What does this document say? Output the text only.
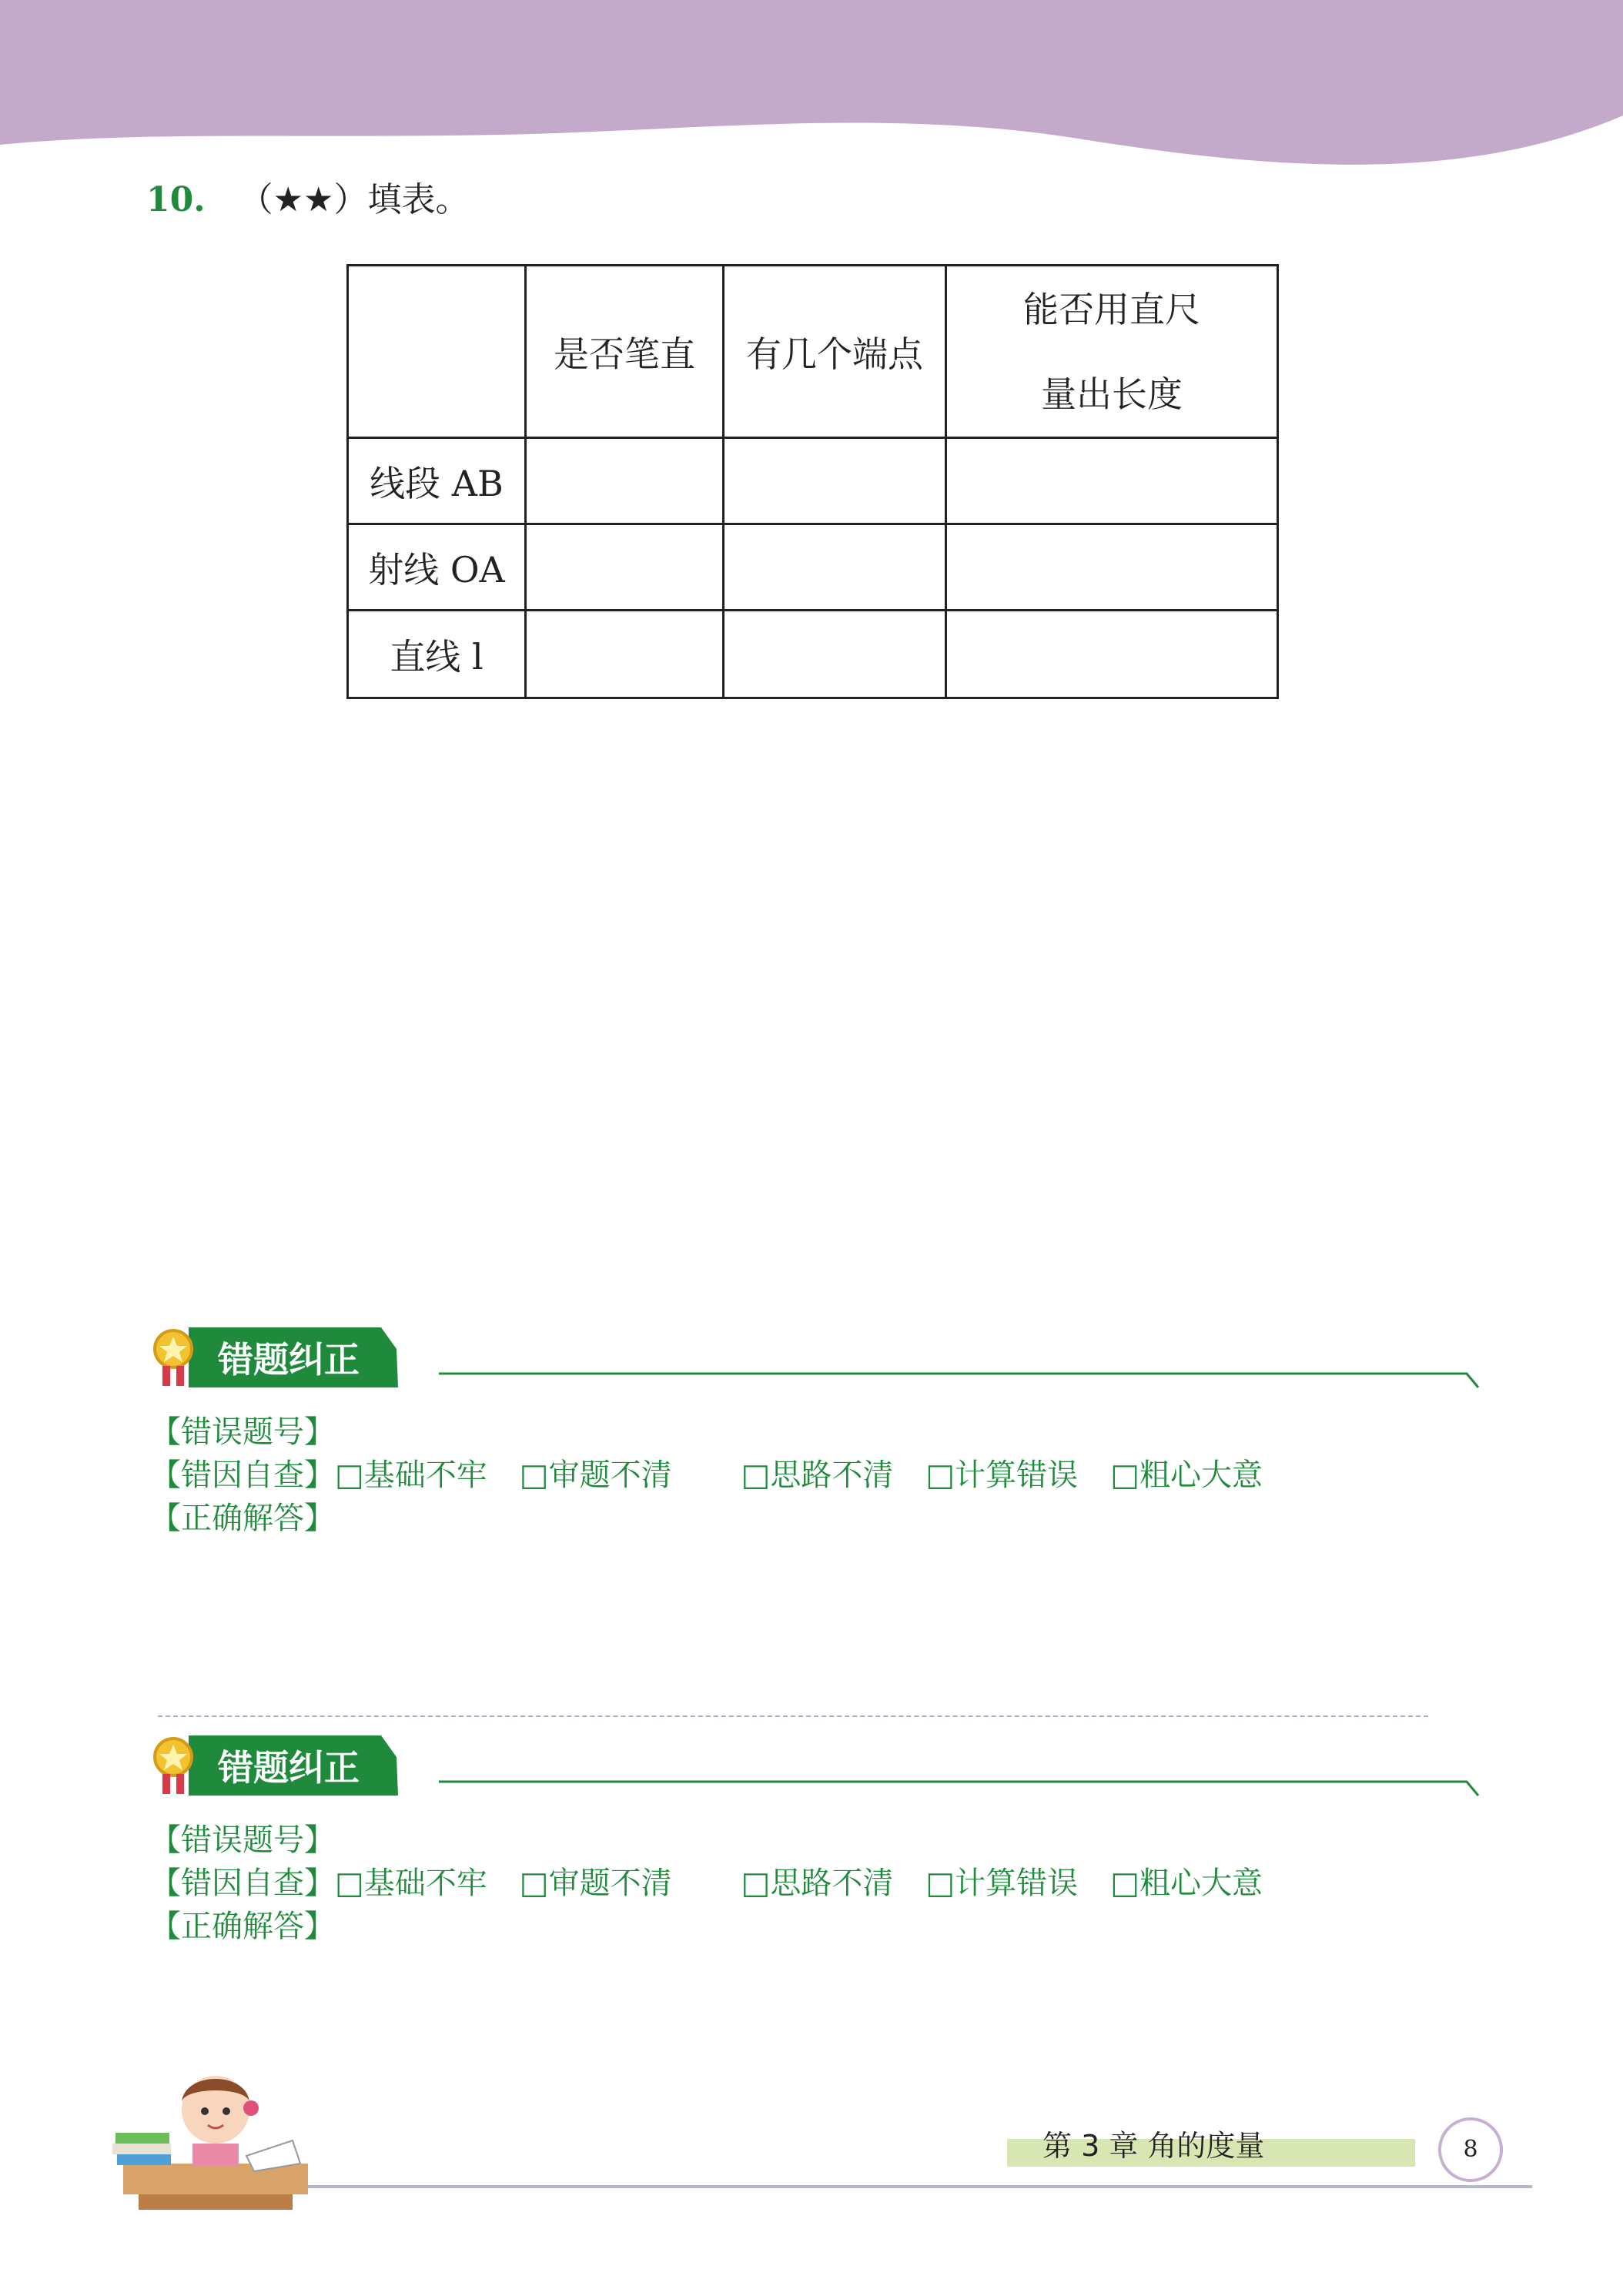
10. （★★）填表。
	是否笔直	有几个端点	能否用直尺
量出长度

线段 AB			
射线 OA			
直线 l			
错题纠正
【错误题号】
【错因自查】□基础不牢 □审题不清 □思路不清 □计算错误 □粗心大意
【正确解答】
错题纠正
【错误题号】
【错因自查】□基础不牢 □审题不清 □思路不清 □计算错误 □粗心大意
【正确解答】
第 3 章 角的度量	8
